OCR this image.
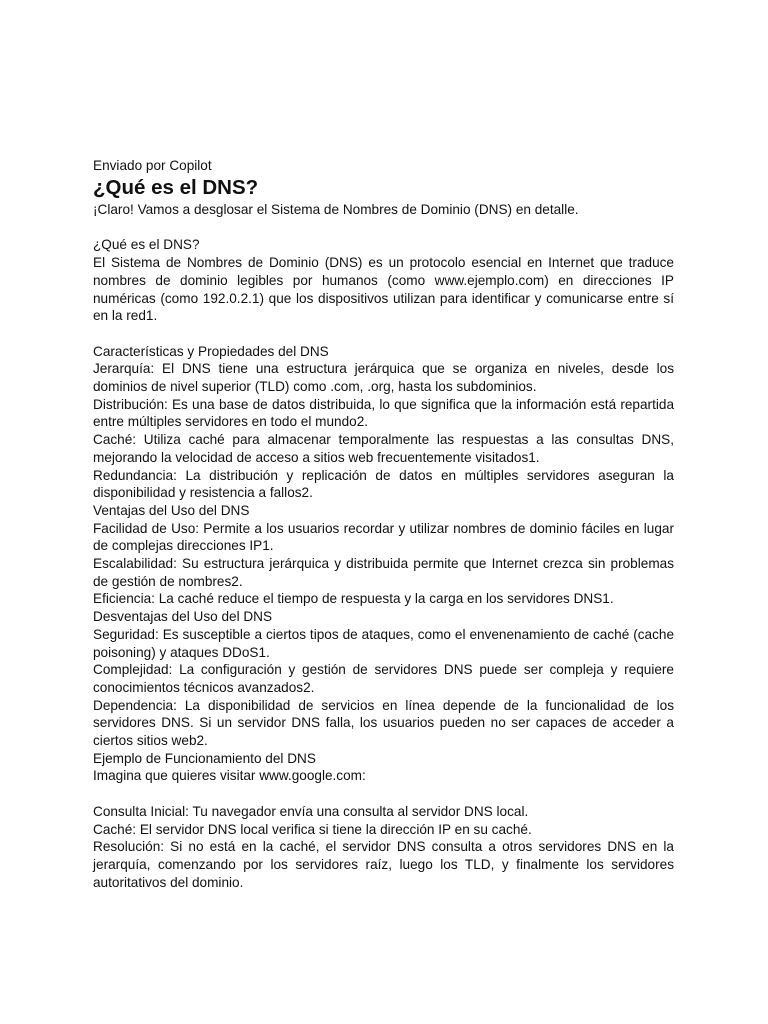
Enviado por Copilot

¿Qué es el DNS?

¡Claro! Vamos a desglosar el Sistema de Nombres de Dominio (DNS) en detalle.

¿Qué es el DNS?

El Sistema de Nombres de Dominio (DNS) es un protocolo esencial en Internet que traduce nombres de dominio legibles por humanos (como www.ejemplo.com) en direcciones IP numéricas (como 192.0.2.1) que los dispositivos utilizan para identificar y comunicarse entre sí en la red1.

Características y Propiedades del DNS

Jerarquía: El DNS tiene una estructura jerárquica que se organiza en niveles, desde los dominios de nivel superior (TLD) como .com, .org, hasta los subdominios.

Distribución: Es una base de datos distribuida, lo que significa que la información está repartida entre múltiples servidores en todo el mundo2.

Caché: Utiliza caché para almacenar temporalmente las respuestas a las consultas DNS, mejorando la velocidad de acceso a sitios web frecuentemente visitados1.

Redundancia: La distribución y replicación de datos en múltiples servidores aseguran la disponibilidad y resistencia a fallos2.

Ventajas del Uso del DNS

Facilidad de Uso: Permite a los usuarios recordar y utilizar nombres de dominio fáciles en lugar de complejas direcciones IP1.

Escalabilidad: Su estructura jerárquica y distribuida permite que Internet crezca sin problemas de gestión de nombres2.

Eficiencia: La caché reduce el tiempo de respuesta y la carga en los servidores DNS1.

Desventajas del Uso del DNS

Seguridad: Es susceptible a ciertos tipos de ataques, como el envenenamiento de caché (cache poisoning) y ataques DDoS1.

Complejidad: La configuración y gestión de servidores DNS puede ser compleja y requiere conocimientos técnicos avanzados2.

Dependencia: La disponibilidad de servicios en línea depende de la funcionalidad de los servidores DNS. Si un servidor DNS falla, los usuarios pueden no ser capaces de acceder a ciertos sitios web2.

Ejemplo de Funcionamiento del DNS

Imagina que quieres visitar www.google.com:

Consulta Inicial: Tu navegador envía una consulta al servidor DNS local.

Caché: El servidor DNS local verifica si tiene la dirección IP en su caché.

Resolución: Si no está en la caché, el servidor DNS consulta a otros servidores DNS en la jerarquía, comenzando por los servidores raíz, luego los TLD, y finalmente los servidores autoritativos del dominio.
